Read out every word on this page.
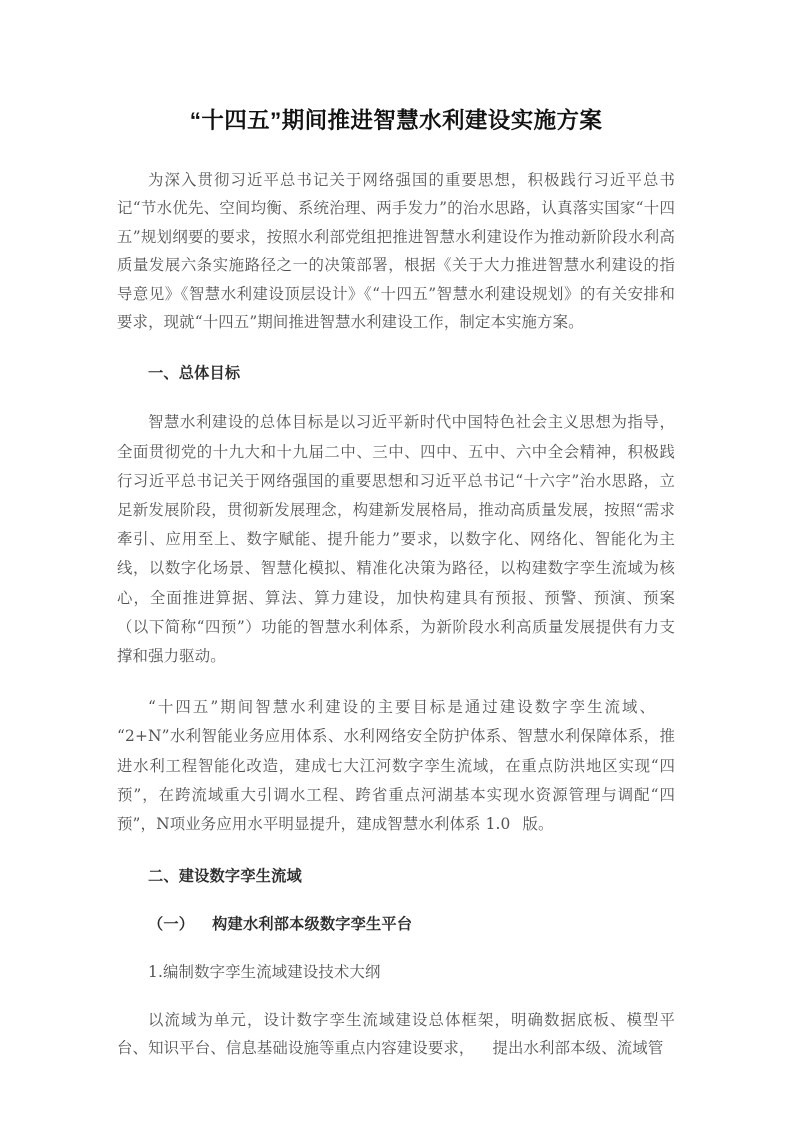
“十四五”期间推进智慧水利建设实施方案

为深入贯彻习近平总书记关于网络强国的重要思想，积极践行习近平总书记“节水优先、空间均衡、系统治理、两手发力”的治水思路，认真落实国家“十四五”规划纲要的要求，按照水利部党组把推进智慧水利建设作为推动新阶段水利高质量发展六条实施路径之一的决策部署，根据《关于大力推进智慧水利建设的指导意见》《智慧水利建设顶层设计》《“十四五”智慧水利建设规划》的有关安排和要求，现就“十四五”期间推进智慧水利建设工作，制定本实施方案。

一、总体目标

智慧水利建设的总体目标是以习近平新时代中国特色社会主义思想为指导，全面贯彻党的十九大和十九届二中、三中、四中、五中、六中全会精神，积极践行习近平总书记关于网络强国的重要思想和习近平总书记“十六字”治水思路，立足新发展阶段，贯彻新发展理念，构建新发展格局，推动高质量发展，按照“需求牽引、应用至上、数字赋能、提升能力”要求，以数字化、网络化、智能化为主线，以数字化场景、智慧化模拟、精准化决策为路径，以构建数字孪生流域为核心，全面推进算据、算法、算力建设，加快构建具有预报、预警、预演、预案（以下简称“四预”）功能的智慧水利体系，为新阶段水利高质量发展提供有力支撑和强力驱动。

“十四五”期间智慧水利建设的主要目标是通过建设数字孪生流域、“2+N”水利智能业务应用体系、水利网络安全防护体系、智慧水利保障体系，推进水利工程智能化改造，建成七大江河数字孪生流域，在重点防洪地区实现“四预”，在跨流域重大引调水工程、跨省重点河湖基本实现水资源管理与调配“四预”，N项业务应用水平明显提升，建成智慧水利体系 1.0 版。

二、建设数字孪生流域
（一） 构建水利部本级数字孪生平台

1.编制数字孪生流域建设技术大纲

以流域为单元，设计数字孪生流域建设总体框架，明确数据底板、模型平台、知识平台、信息基础设施等重点内容建设要求， 提出水利部本级、流域管
